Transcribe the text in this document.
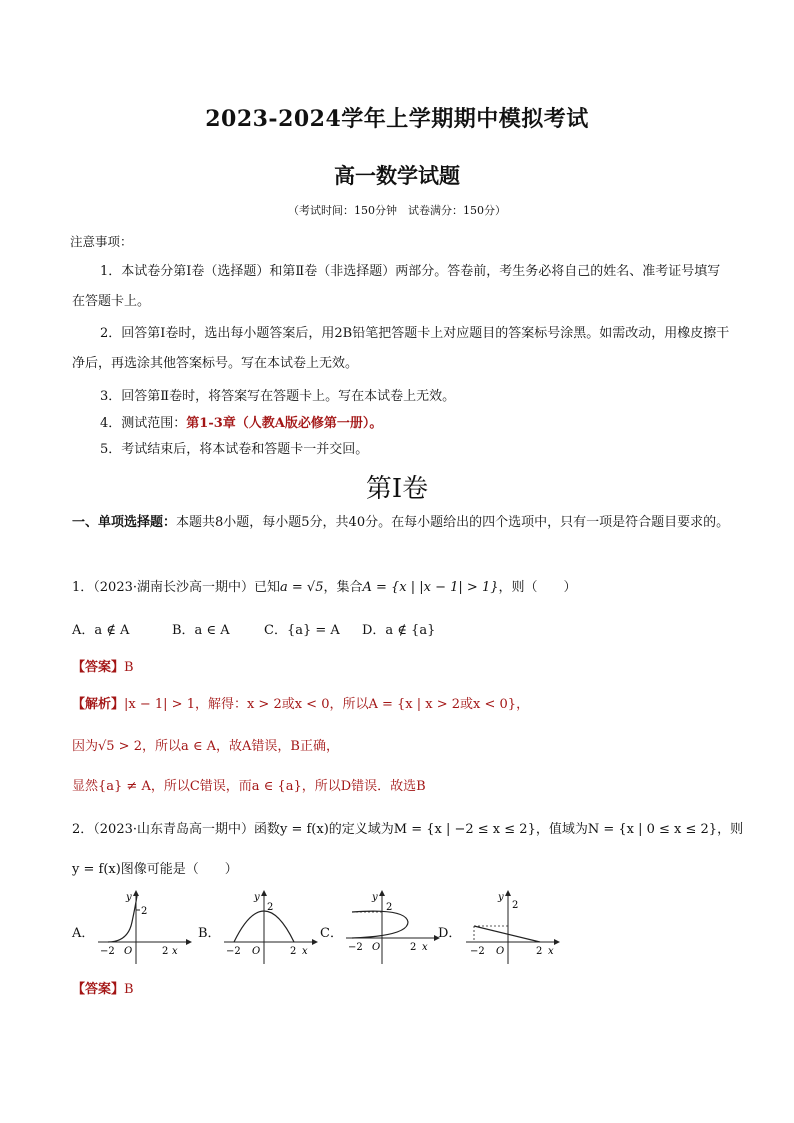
2023-2024学年上学期期中模拟考试
高一数学试题
（考试时间：150分钟　试卷满分：150分）
注意事项：
1．本试卷分第Ⅰ卷（选择题）和第Ⅱ卷（非选择题）两部分。答卷前，考生务必将自己的姓名、准考证号填写在答题卡上。
2．回答第Ⅰ卷时，选出每小题答案后，用2B铅笔把答题卡上对应题目的答案标号涂黑。如需改动，用橡皮擦干净后，再选涂其他答案标号。写在本试卷上无效。
3．回答第Ⅱ卷时，将答案写在答题卡上。写在本试卷上无效。
4．测试范围：第1-3章（人教A版必修第一册）。
5．考试结束后，将本试卷和答题卡一并交回。
第Ⅰ卷
一、单项选择题：本题共8小题，每小题5分，共40分。在每小题给出的四个选项中，只有一项是符合题目要求的。
1．（2023·湖南长沙高一期中）已知a = √5，集合A = {x | |x − 1| > 1}，则（　　）
A．a ∉ A	B．a ∈ A	C．{a} = A D．a ∉ {a}
【答案】B
【解析】|x − 1| > 1，解得：x > 2或x < 0，所以A = {x | x > 2或x < 0}，
因为√5 > 2，所以a ∈ A，故A错误，B正确，
显然{a} ≠ A，所以C错误，而a ∈ {a}，所以D错误．故选B
2．（2023·山东青岛高一期中）函数y = f(x)的定义域为M = {x | −2 ≤ x ≤ 2}，值域为N = {x | 0 ≤ x ≤ 2}，则
y = f(x)图像可能是（　　）
A．
2
y
−2 O	2 x
B．
2
y
−2 O	2 x
C．
2
y
−2 O	2 x
D．
2
y
−2 O	2 x
【答案】B
